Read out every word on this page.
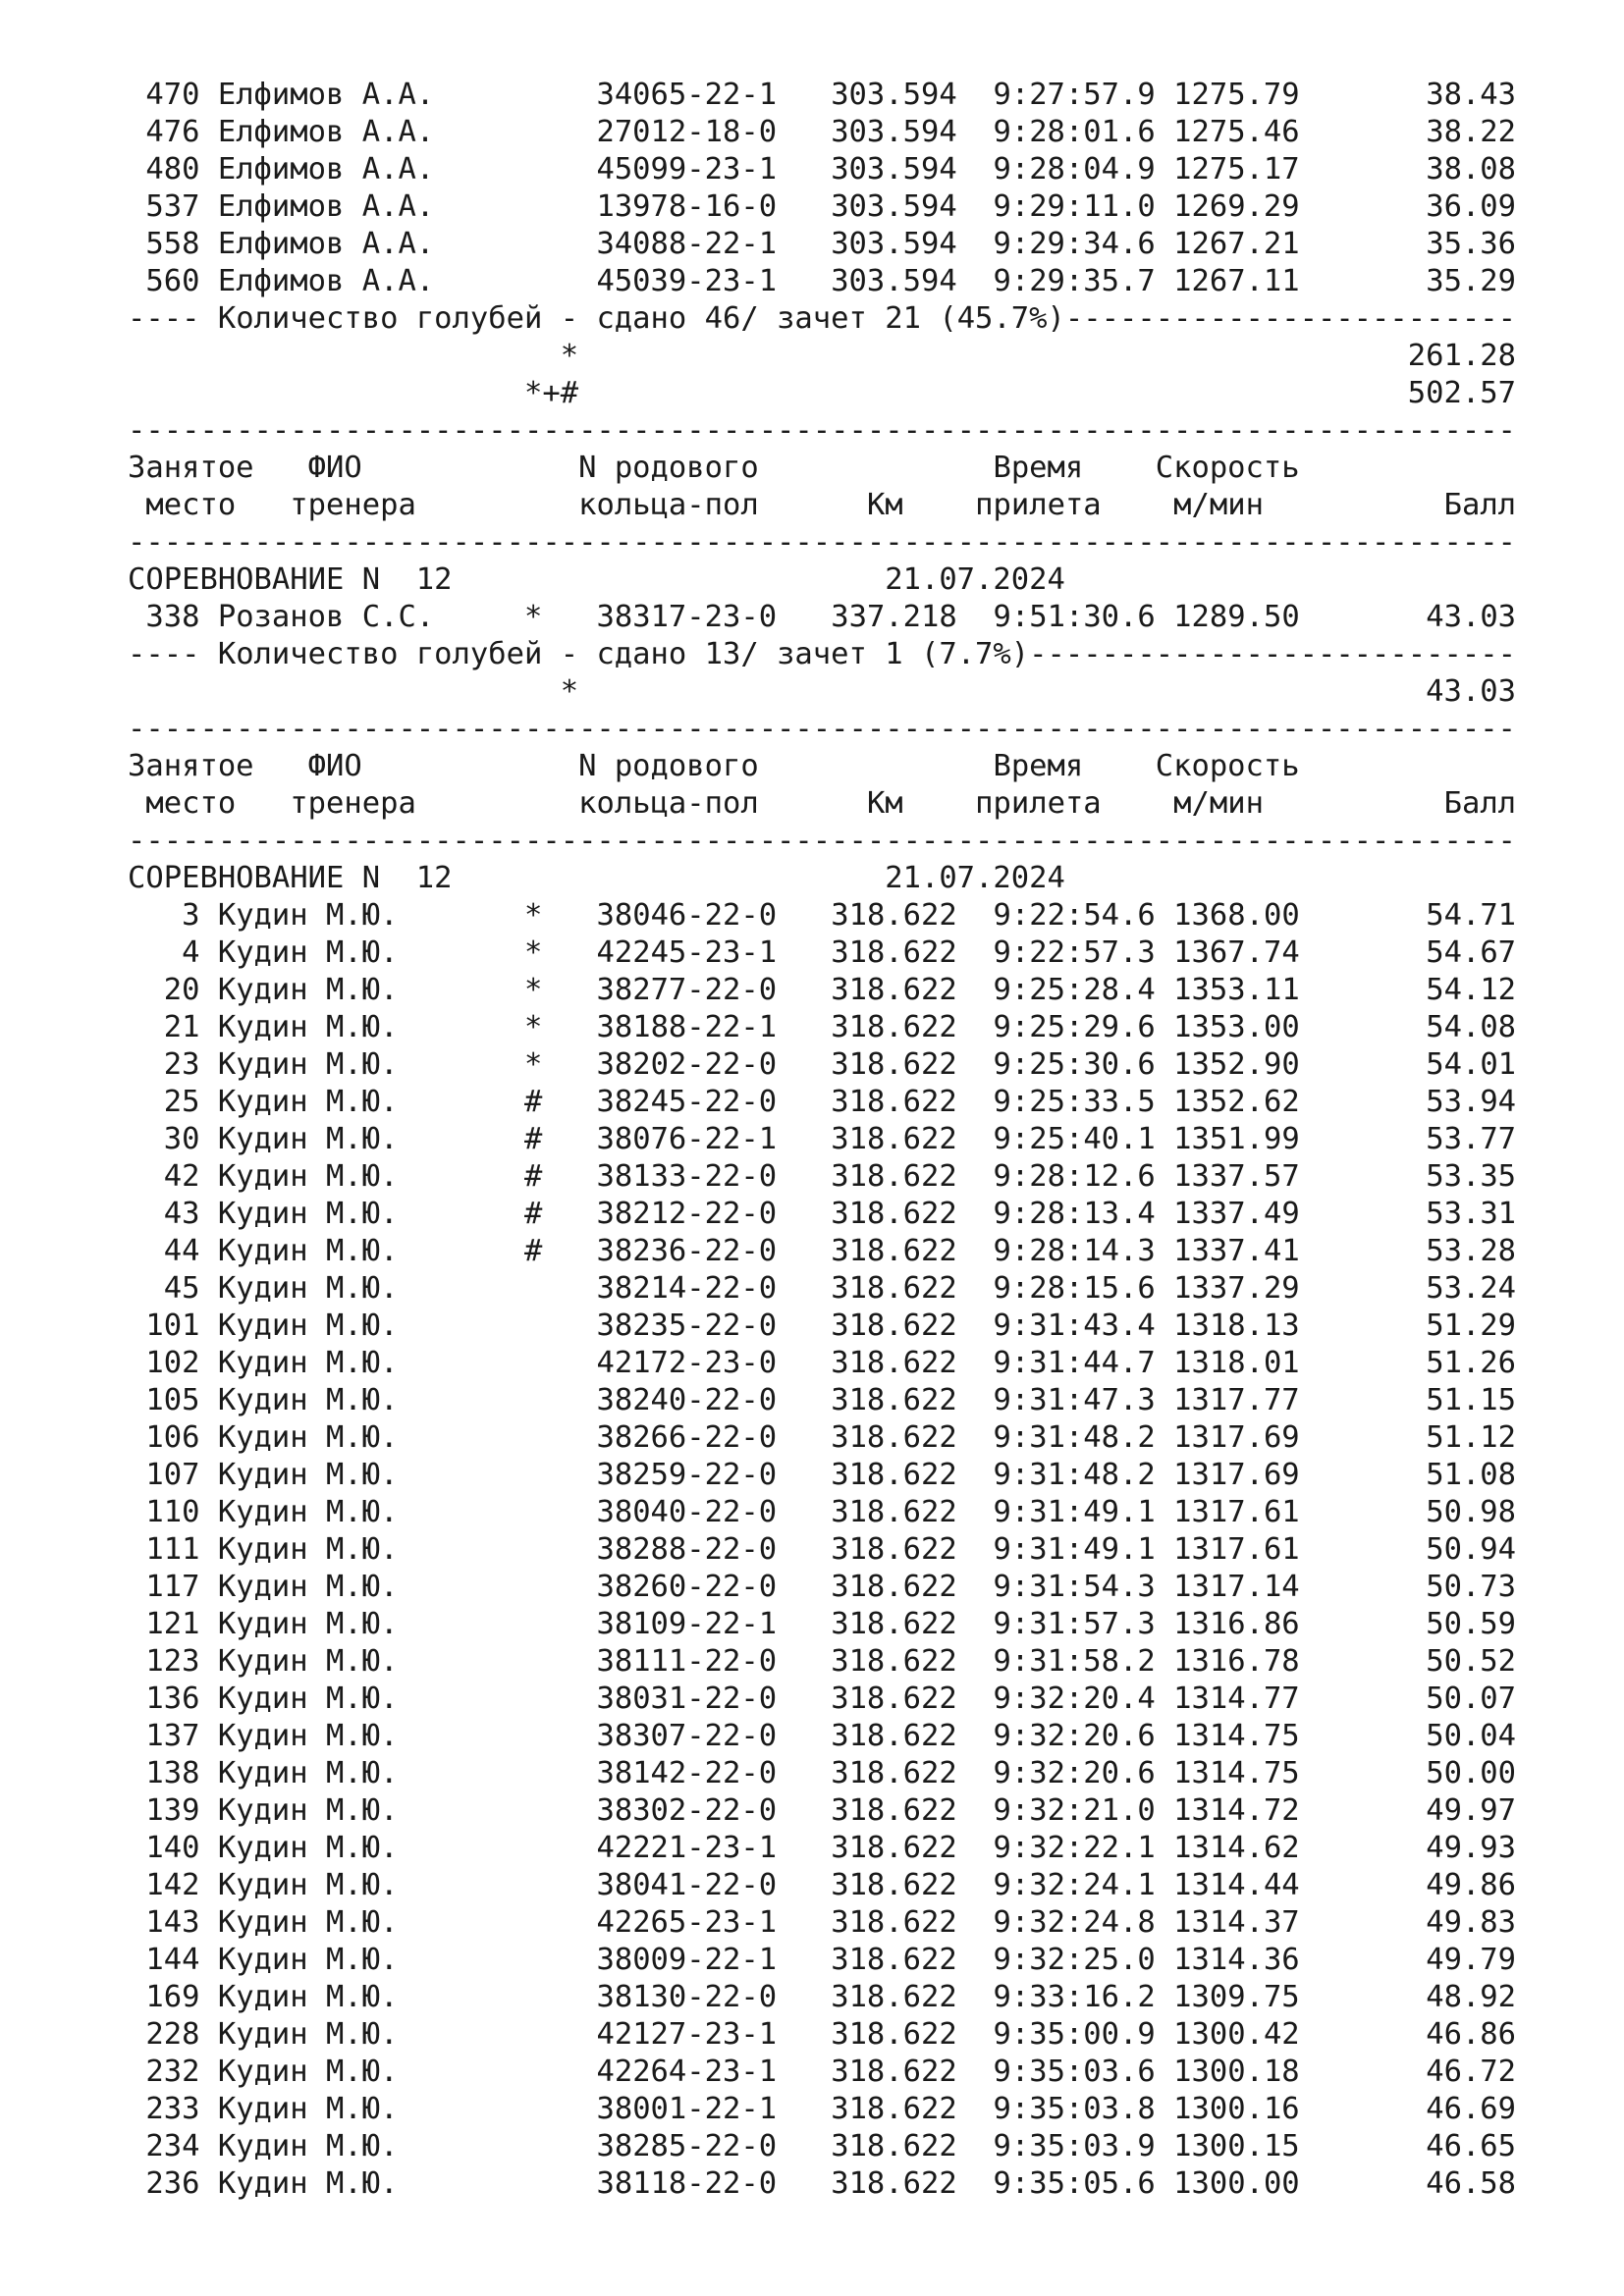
470 Елфимов А.А.	34065-22-1 303.594 9:27:57.9 1275.79	38.43
476 Елфимов А.А.	27012-18-0 303.594 9:28:01.6 1275.46	38.22
480 Елфимов А.А.	45099-23-1 303.594 9:28:04.9 1275.17	38.08
537 Елфимов А.А.	13978-16-0 303.594 9:29:11.0 1269.29	36.09
558 Елфимов А.А.	34088-22-1 303.594 9:29:34.6 1267.21	35.36
560 Елфимов А.А.	45039-23-1 303.594 9:29:35.7 1267.11	35.29
---- Количество голубей - сдано 46/ зачет 21 (45.7%)-------------------------
*	261.28
*+#	502.57
-----------------------------------------------------------------------------
Занятое ФИО	N родового	Время Скорость
место тренера	кольца-пол	Км прилета м/мин	Балл
-----------------------------------------------------------------------------
СОРЕВНОВАНИЕ N  12	21.07.2024
338 Розанов С.С.	* 38317-23-0 337.218 9:51:30.6 1289.50	43.03
---- Количество голубей - сдано 13/ зачет 1 (7.7%)---------------------------
*	43.03
-----------------------------------------------------------------------------
Занятое ФИО	N родового	Время Скорость
место тренера	кольца-пол	Км прилета м/мин	Балл
-----------------------------------------------------------------------------
СОРЕВНОВАНИЕ N  12	21.07.2024
3 Кудин М.Ю.	* 38046-22-0 318.622 9:22:54.6 1368.00	54.71
4 Кудин М.Ю.	* 42245-23-1 318.622 9:22:57.3 1367.74	54.67
20 Кудин М.Ю.	* 38277-22-0 318.622 9:25:28.4 1353.11	54.12
21 Кудин М.Ю.	* 38188-22-1 318.622 9:25:29.6 1353.00	54.08
23 Кудин М.Ю.	* 38202-22-0 318.622 9:25:30.6 1352.90	54.01
25 Кудин М.Ю.	# 38245-22-0 318.622 9:25:33.5 1352.62	53.94
30 Кудин М.Ю.	# 38076-22-1 318.622 9:25:40.1 1351.99	53.77
42 Кудин М.Ю.	# 38133-22-0 318.622 9:28:12.6 1337.57	53.35
43 Кудин М.Ю.	# 38212-22-0 318.622 9:28:13.4 1337.49	53.31
44 Кудин М.Ю.	# 38236-22-0 318.622 9:28:14.3 1337.41	53.28
45 Кудин М.Ю.	38214-22-0 318.622 9:28:15.6 1337.29	53.24
101 Кудин М.Ю.	38235-22-0 318.622 9:31:43.4 1318.13	51.29
102 Кудин М.Ю.	42172-23-0 318.622 9:31:44.7 1318.01	51.26
105 Кудин М.Ю.	38240-22-0 318.622 9:31:47.3 1317.77	51.15
106 Кудин М.Ю.	38266-22-0 318.622 9:31:48.2 1317.69	51.12
107 Кудин М.Ю.	38259-22-0 318.622 9:31:48.2 1317.69	51.08
110 Кудин М.Ю.	38040-22-0 318.622 9:31:49.1 1317.61	50.98
111 Кудин М.Ю.	38288-22-0 318.622 9:31:49.1 1317.61	50.94
117 Кудин М.Ю.	38260-22-0 318.622 9:31:54.3 1317.14	50.73
121 Кудин М.Ю.	38109-22-1 318.622 9:31:57.3 1316.86	50.59
123 Кудин М.Ю.	38111-22-0 318.622 9:31:58.2 1316.78	50.52
136 Кудин М.Ю.	38031-22-0 318.622 9:32:20.4 1314.77	50.07
137 Кудин М.Ю.	38307-22-0 318.622 9:32:20.6 1314.75	50.04
138 Кудин М.Ю.	38142-22-0 318.622 9:32:20.6 1314.75	50.00
139 Кудин М.Ю.	38302-22-0 318.622 9:32:21.0 1314.72	49.97
140 Кудин М.Ю.	42221-23-1 318.622 9:32:22.1 1314.62	49.93
142 Кудин М.Ю.	38041-22-0 318.622 9:32:24.1 1314.44	49.86
143 Кудин М.Ю.	42265-23-1 318.622 9:32:24.8 1314.37	49.83
144 Кудин М.Ю.	38009-22-1 318.622 9:32:25.0 1314.36	49.79
169 Кудин М.Ю.	38130-22-0 318.622 9:33:16.2 1309.75	48.92
228 Кудин М.Ю.	42127-23-1 318.622 9:35:00.9 1300.42	46.86
232 Кудин М.Ю.	42264-23-1 318.622 9:35:03.6 1300.18	46.72
233 Кудин М.Ю.	38001-22-1 318.622 9:35:03.8 1300.16	46.69
234 Кудин М.Ю.	38285-22-0 318.622 9:35:03.9 1300.15	46.65
236 Кудин М.Ю.	38118-22-0 318.622 9:35:05.6 1300.00	46.58
